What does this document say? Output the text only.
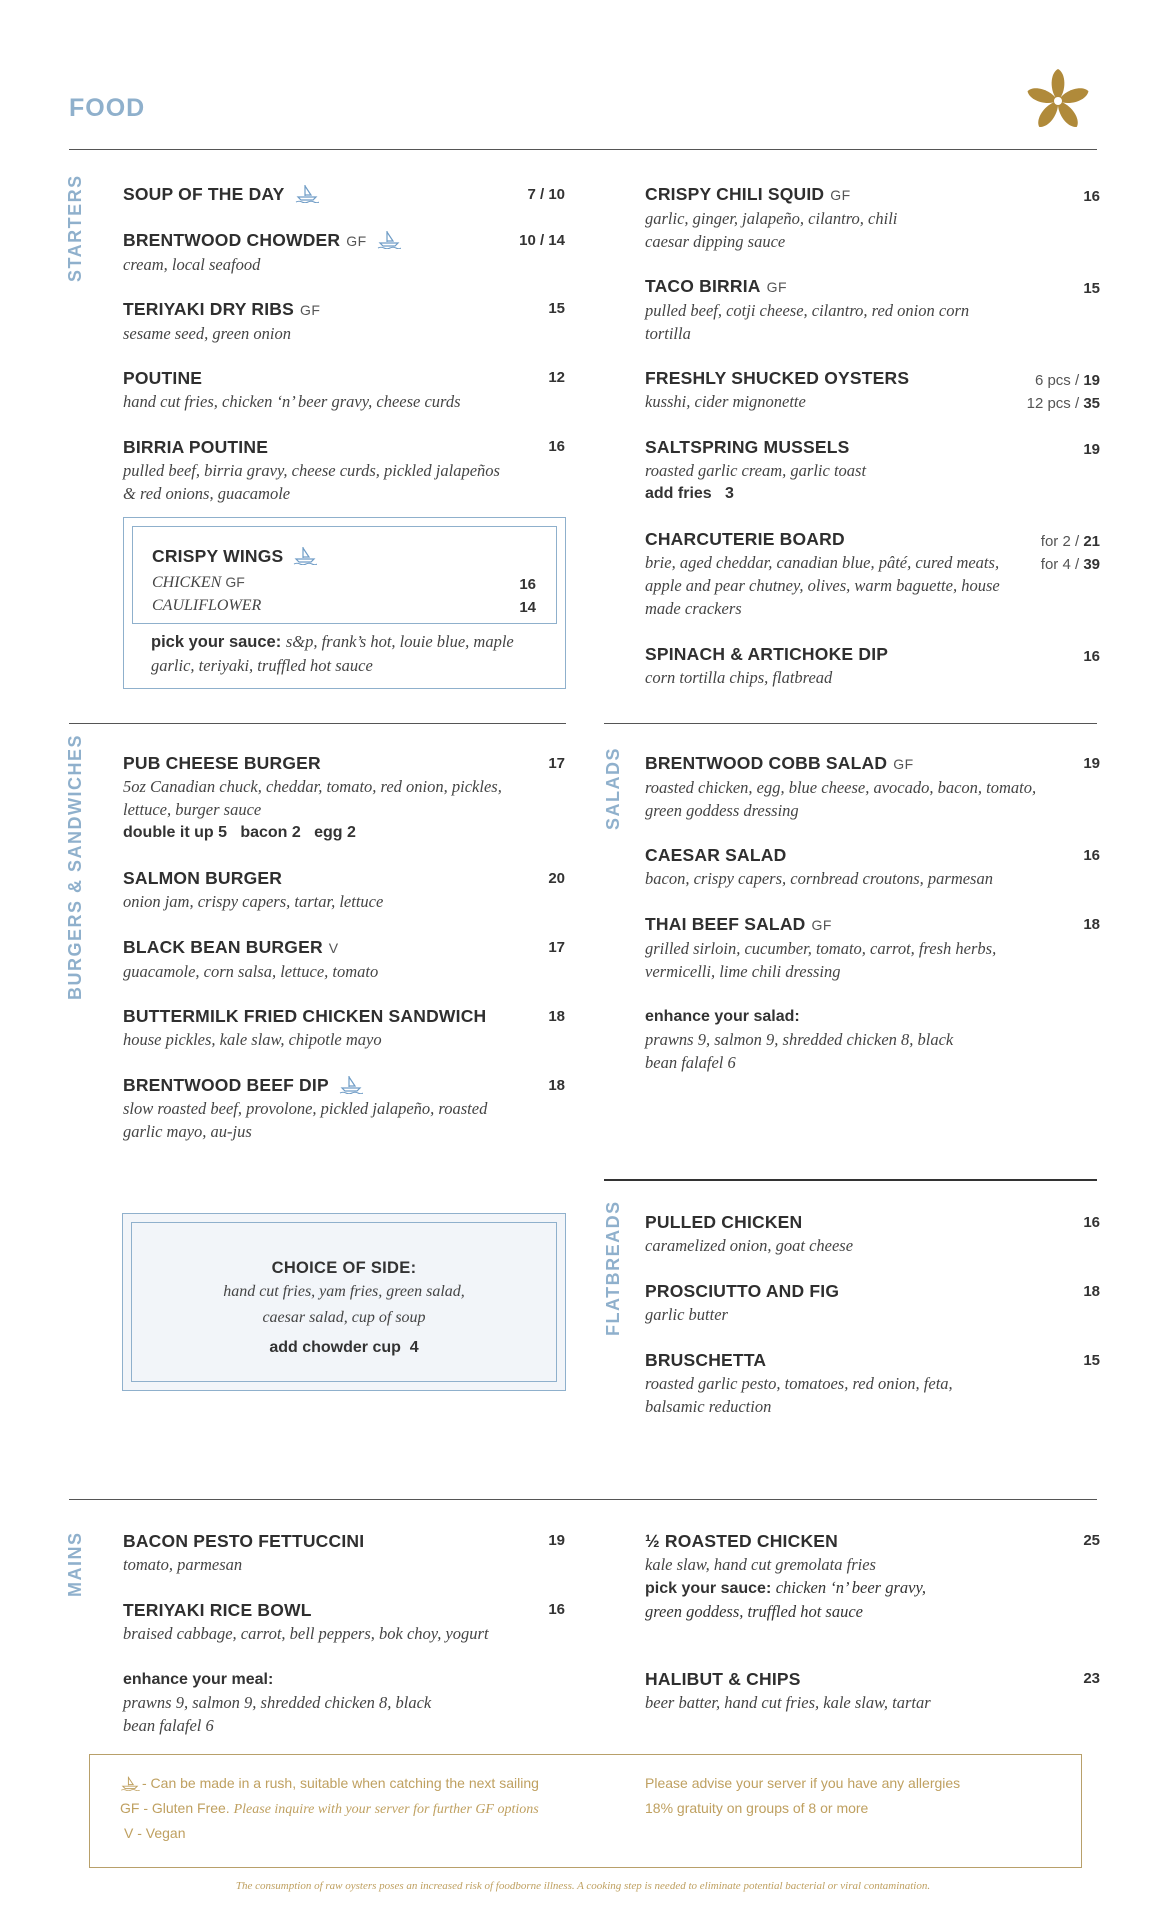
FOOD
STARTERS SOUP OF THE DAY	7 / 10
BRENTWOOD CHOWDER GF
cream, local seafood
10 / 14
TERIYAKI DRY RIBS GF
sesame seed, green onion
15
POUTINE
hand cut fries, chicken ‘n’ beer gravy, cheese curds
12
BIRRIA POUTINE
pulled beef, birria gravy, cheese curds, pickled jalapeños & red onions, guacamole
16
CRISPY WINGS
CHICKEN GF	16
CAULIFLOWER	14
pick your sauce: s&p, frank’s hot, louie blue, maple garlic, teriyaki, truffled hot sauce
CRISPY CHILI SQUID GF
garlic, ginger, jalapeño, cilantro, chili caesar dipping sauce
16
TACO BIRRIA GF
pulled beef, cotji cheese, cilantro, red onion corn tortilla
15
FRESHLY SHUCKED OYSTERS
kusshi, cider mignonette
6 pcs / 19
12 pcs / 35
SALTSPRING MUSSELS
roasted garlic cream, garlic toast
add fries 3
19
CHARCUTERIE BOARD
brie, aged cheddar, canadian blue, pâté, cured meats, apple and pear chutney, olives, warm baguette, house made crackers
for 2 / 21
for 4 / 39
SPINACH & ARTICHOKE DIP
corn tortilla chips, flatbread
16
BURGERS & SANDWICHES PUB CHEESE BURGER
5oz Canadian chuck, cheddar, tomato, red onion, pickles, lettuce, burger sauce
double it up 5   bacon 2   egg 2
17
SALMON BURGER
onion jam, crispy capers, tartar, lettuce
20
BLACK BEAN BURGER V
guacamole, corn salsa, lettuce, tomato
17
BUTTERMILK FRIED CHICKEN SANDWICH
house pickles, kale slaw, chipotle mayo
18
BRENTWOOD BEEF DIP
slow roasted beef, provolone, pickled jalapeño, roasted garlic mayo, au-jus
18
CHOICE OF SIDE:
hand cut fries, yam fries, green salad,
caesar salad, cup of soup
add chowder cup  4
SALADS BRENTWOOD COBB SALAD GF
roasted chicken, egg, blue cheese, avocado, bacon, tomato, green goddess dressing
19
CAESAR SALAD
bacon, crispy capers, cornbread croutons, parmesan
16
THAI BEEF SALAD GF
grilled sirloin, cucumber, tomato, carrot, fresh herbs, vermicelli, lime chili dressing
18
enhance your salad:
prawns 9, salmon 9, shredded chicken 8, black bean falafel 6
FLATBREADS PULLED CHICKEN
caramelized onion, goat cheese
16
PROSCIUTTO AND FIG
garlic butter
18
BRUSCHETTA
roasted garlic pesto, tomatoes, red onion, feta, balsamic reduction
15
MAINS BACON PESTO FETTUCCINI
tomato, parmesan
19
TERIYAKI RICE BOWL
braised cabbage, carrot, bell peppers, bok choy, yogurt
16
enhance your meal:
prawns 9, salmon 9, shredded chicken 8, black bean falafel 6
½ ROASTED CHICKEN
kale slaw, hand cut gremolata fries
pick your sauce: chicken ‘n’ beer gravy, green goddess, truffled hot sauce
25
HALIBUT & CHIPS
beer batter, hand cut fries, kale slaw, tartar
23
- Can be made in a rush, suitable when catching the next sailing
GF - Gluten Free. Please inquire with your server for further GF options
V - Vegan
Please advise your server if you have any allergies
18% gratuity on groups of 8 or more
The consumption of raw oysters poses an increased risk of foodborne illness. A cooking step is needed to eliminate potential bacterial or viral contamination.
